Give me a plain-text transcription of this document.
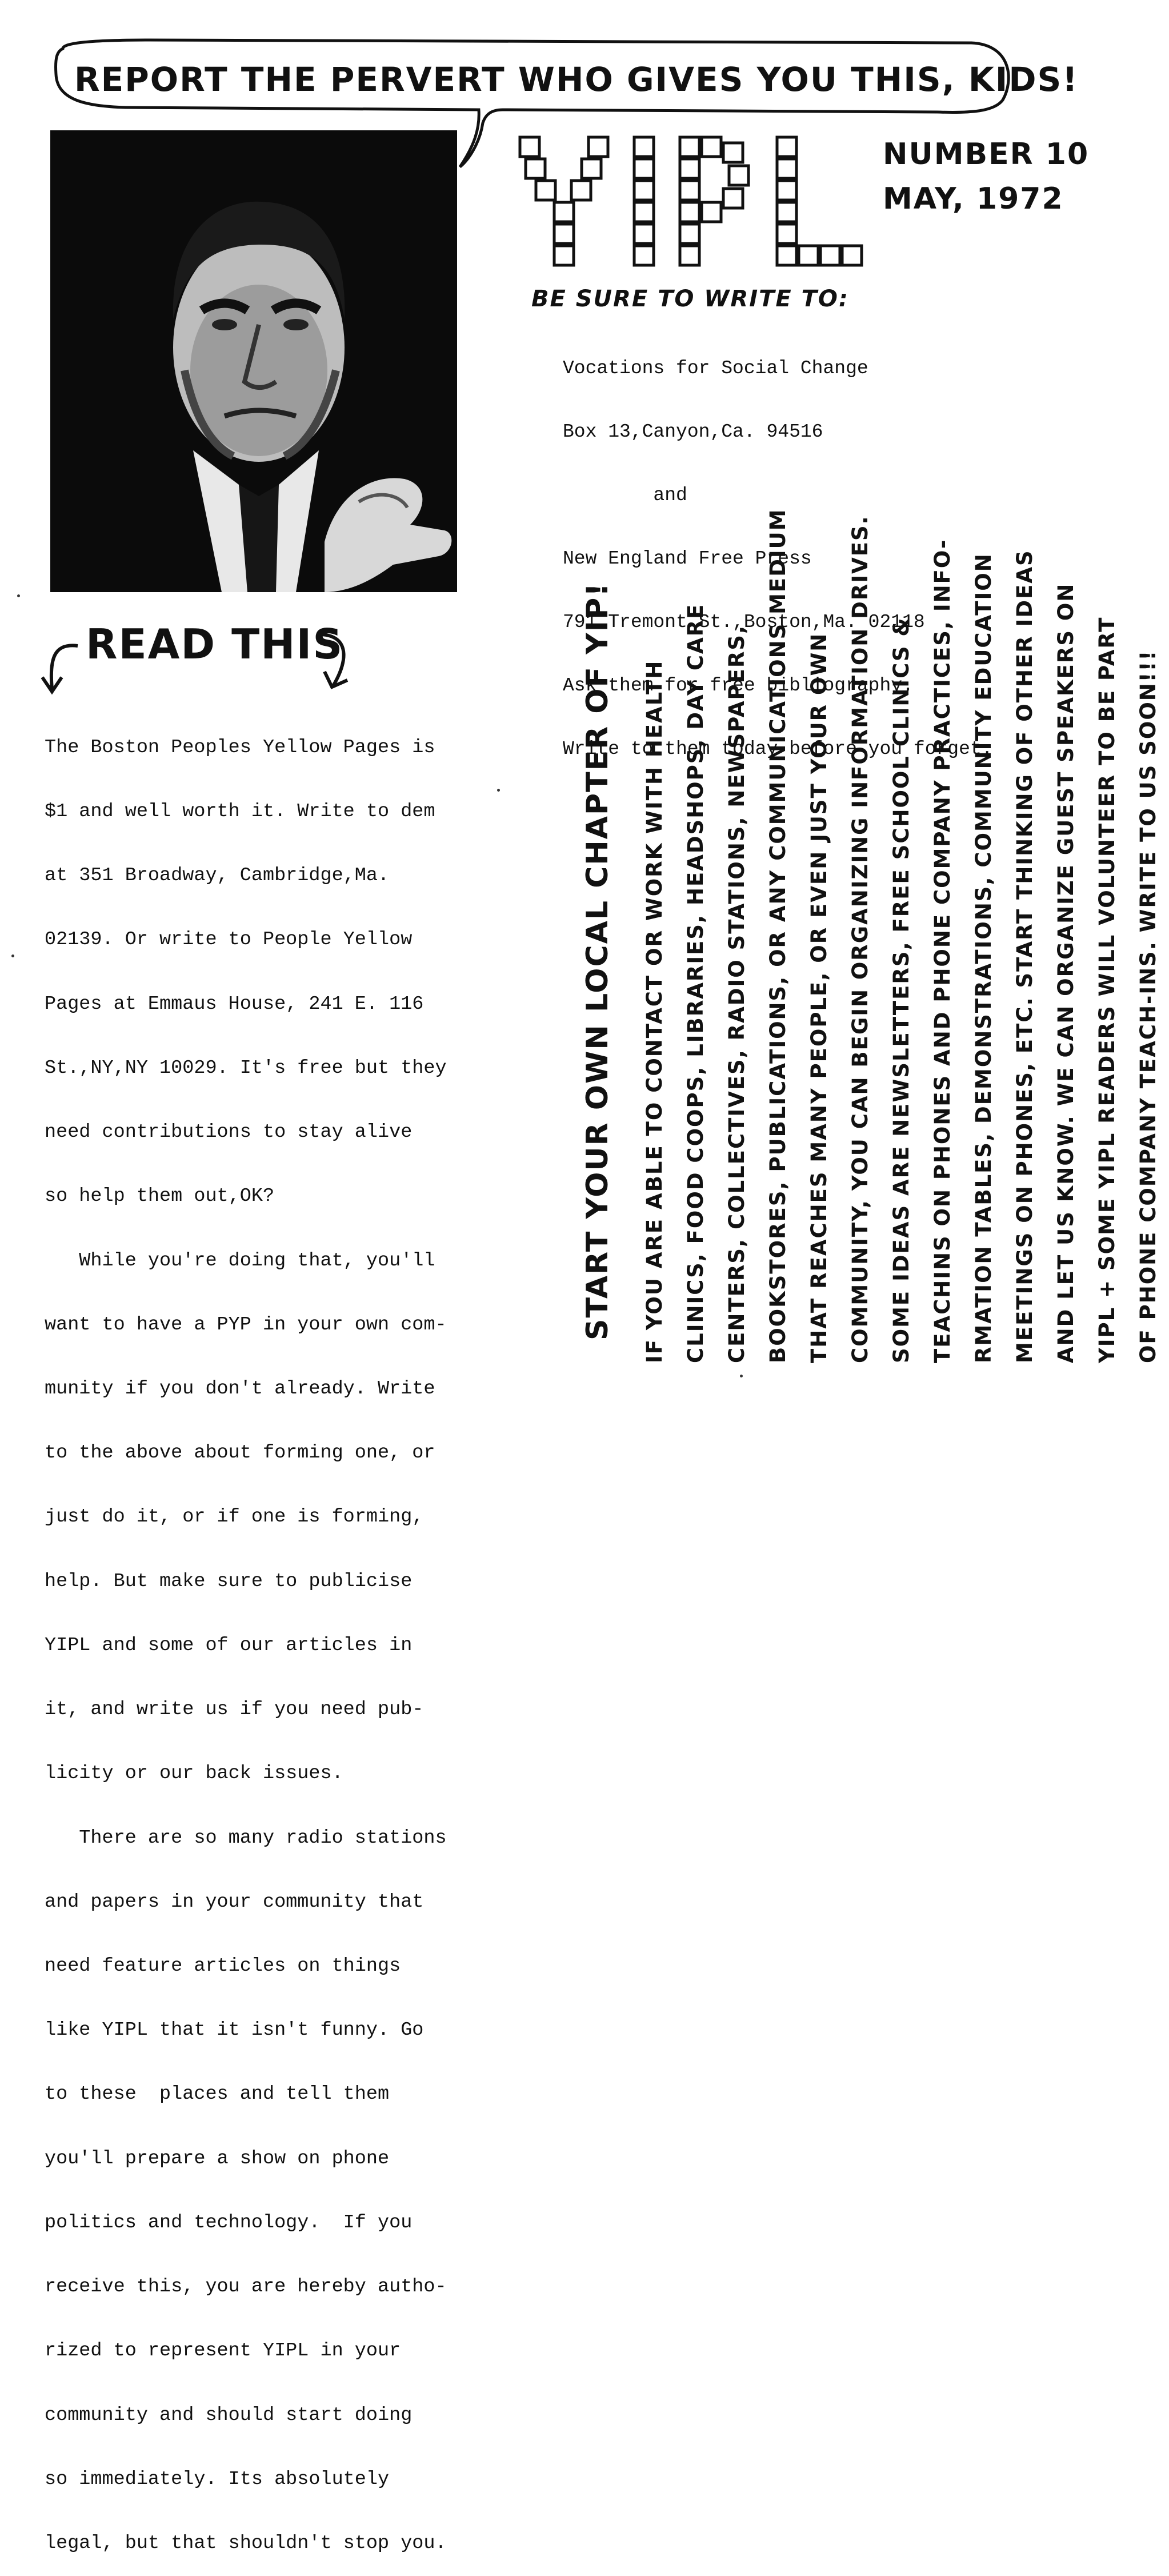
REPORT THE PERVERT WHO GIVES YOU THIS, KIDS!
NUMBER 10
MAY, 1972
BE SURE TO WRITE TO:

Vocations for Social Change

Box 13,Canyon,Ca. 94516

and

New England Free Press

791 Tremont St.,Boston,Ma. 02118

Ask them for free bibliography.

Write to them today before you forget.

READ THIS

The Boston Peoples Yellow Pages is

$1 and well worth it. Write to dem

at 351 Broadway, Cambridge,Ma.

02139. Or write to People Yellow

Pages at Emmaus House, 241 E. 116

St.,NY,NY 10029. It's free but they

need contributions to stay alive

so help them out,OK?

While you're doing that, you'll

want to have a PYP in your own com-

munity if you don't already. Write

to the above about forming one, or

just do it, or if one is forming,

help. But make sure to publicise

YIPL and some of our articles in

it, and write us if you need pub-

licity or our back issues.

There are so many radio stations

and papers in your community that

need feature articles on things

like YIPL that it isn't funny. Go

to these  places and tell them

you'll prepare a show on phone

politics and technology.  If you

receive this, you are hereby autho-

rized to represent YIPL in your

community and should start doing

so immediately. Its absolutely

legal, but that shouldn't stop you.

START YOUR OWN LOCAL CHAPTER OF YIP!	IF YOU ARE ABLE TO CONTACT OR WORK WITH HEALTH CLINICS, FOOD COOPS, LIBRARIES, HEADSHOPS, DAY CARE CENTERS, COLLECTIVES, RADIO STATIONS, NEWSPAPERS, BOOKSTORES, PUBLICATIONS, OR ANY COMMUNICATIONS MEDIUM THAT REACHES MANY PEOPLE, OR EVEN JUST YOUR OWN COMMUNITY, YOU CAN BEGIN ORGANIZING INFORMATION DRIVES. SOME IDEAS ARE NEWSLETTERS, FREE SCHOOL CLINICS & TEACHINS ON PHONES AND PHONE COMPANY PRACTICES, INFO- RMATION TABLES, DEMONSTRATIONS, COMMUNITY EDUCATION MEETINGS ON PHONES, ETC. START THINKING OF OTHER IDEAS AND LET US KNOW. WE CAN ORGANIZE GUEST SPEAKERS ON YIPL + SOME YIPL READERS WILL VOLUNTEER TO BE PART OF PHONE COMPANY TEACH-INS. WRITE TO US SOON!!!
